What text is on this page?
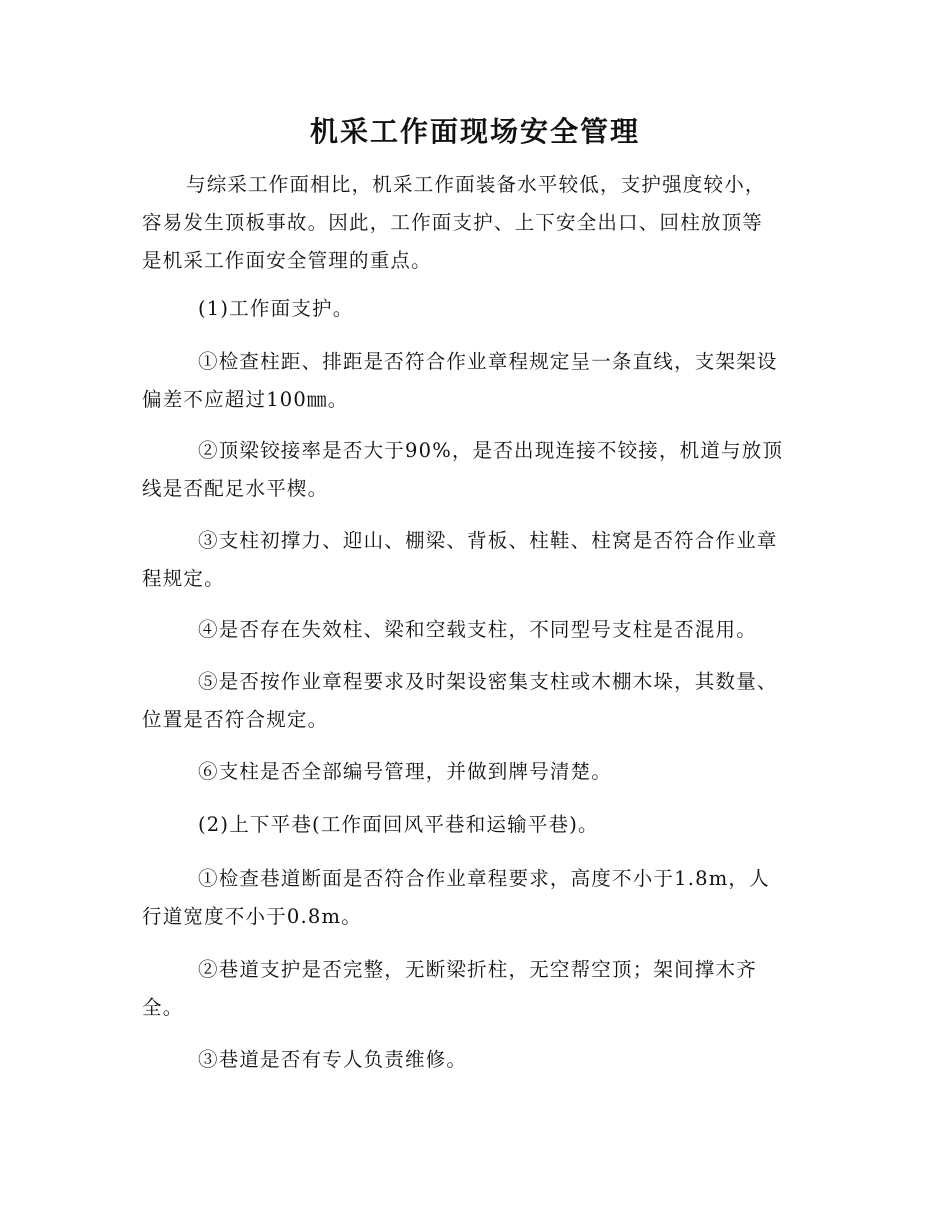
机采工作面现场安全管理

与综采工作面相比，机采工作面装备水平较低，支护强度较小，
容易发生顶板事故。因此，工作面支护、上下安全出口、回柱放顶等
是机采工作面安全管理的重点。

(1)工作面支护。

①检查柱距、排距是否符合作业章程规定呈一条直线，支架架设
偏差不应超过100㎜。

②顶梁铰接率是否大于90%，是否出现连接不铰接，机道与放顶
线是否配足水平楔。

③支柱初撑力、迎山、棚梁、背板、柱鞋、柱窝是否符合作业章
程规定。

④是否存在失效柱、梁和空载支柱，不同型号支柱是否混用。

⑤是否按作业章程要求及时架设密集支柱或木棚木垛，其数量、
位置是否符合规定。

⑥支柱是否全部编号管理，并做到牌号清楚。

(2)上下平巷(工作面回风平巷和运输平巷)。

①检查巷道断面是否符合作业章程要求，高度不小于1.8m，人
行道宽度不小于0.8m。

②巷道支护是否完整，无断梁折柱，无空帮空顶；架间撑木齐
全。

③巷道是否有专人负责维修。
